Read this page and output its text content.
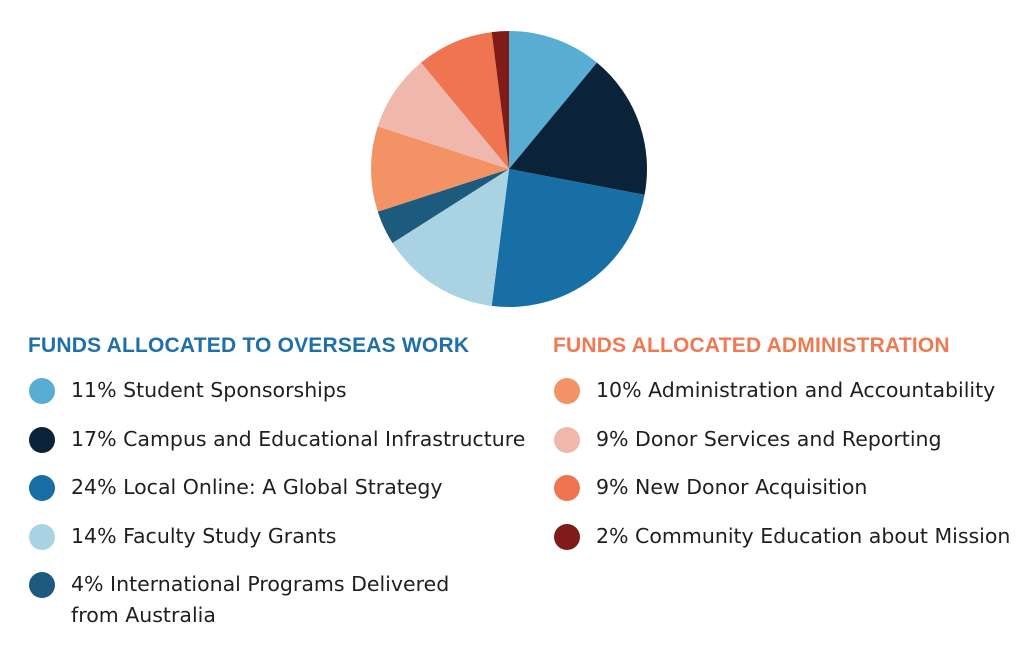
FUNDS ALLOCATED TO OVERSEAS WORK
11% Student Sponsorships
17% Campus and Educational Infrastructure
24% Local Online: A Global Strategy
14% Faculty Study Grants
4% International Programs Delivered
from Australia
FUNDS ALLOCATED ADMINISTRATION
10% Administration and Accountability
9% Donor Services and Reporting
9% New Donor Acquisition
2% Community Education about Mission
